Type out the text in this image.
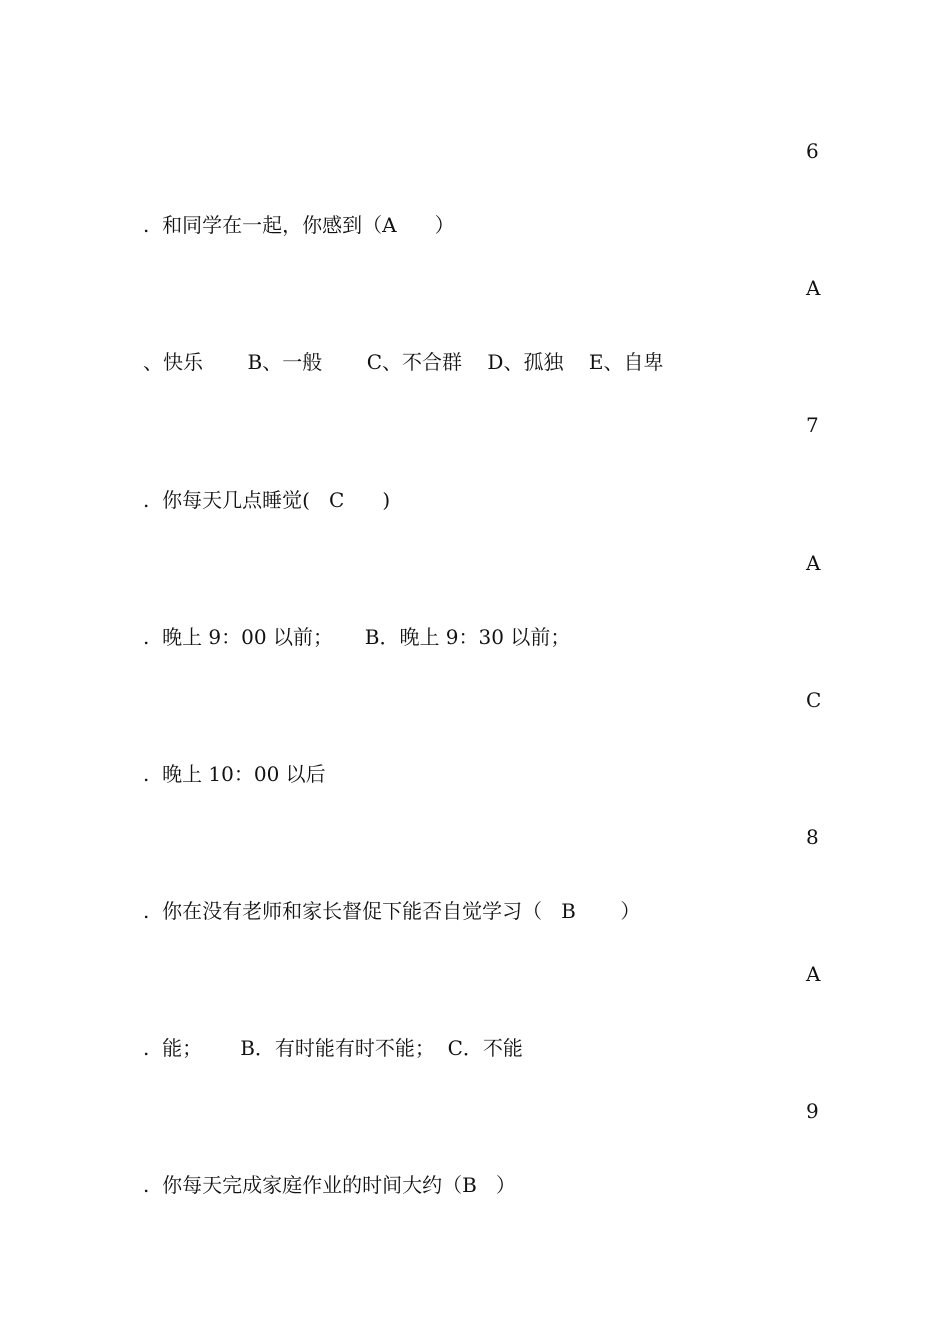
6
.  和同学在一起，你感到（A      ）
A
、快乐       B、一般       C、不合群    D、孤独    E、自卑
7
.  你每天几点睡觉(   C      )
A
.  晚上 9：00 以前；     B．晚上 9：30 以前；
C
.  晚上 10：00 以后
8
.  你在没有老师和家长督促下能否自觉学习（   B       ）
A
.  能；      B．有时能有时不能；  C．不能
9
.  你每天完成家庭作业的时间大约（B   ）
